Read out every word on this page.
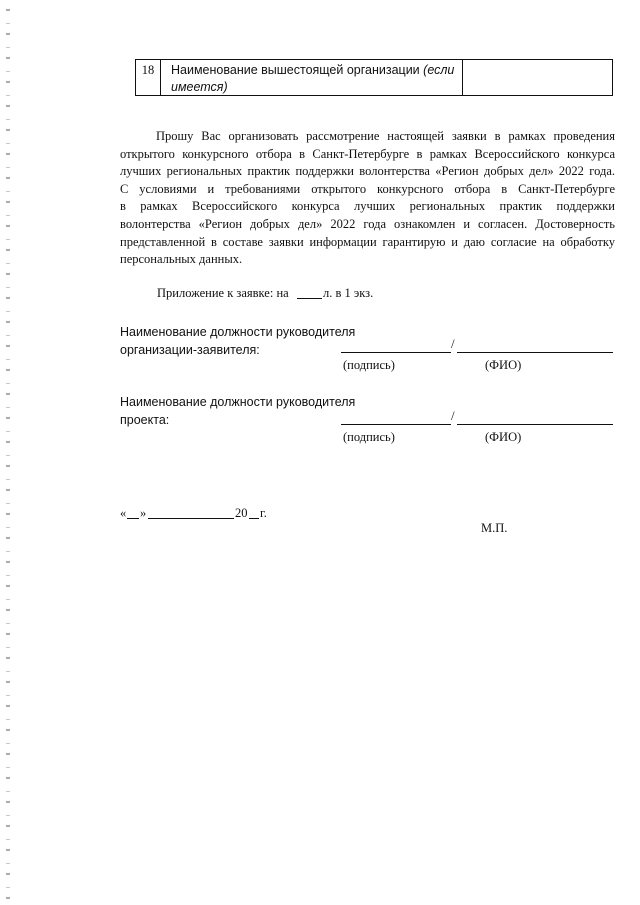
18	Наименование вышестоящей организации (если имеется)
Прошу Вас организовать рассмотрение настоящей заявки в рамках проведения
открытого конкурсного отбора в Санкт-Петербурге в рамках Всероссийского конкурса
лучших региональных практик поддержки волонтерства «Регион добрых дел» 2022 года.
С условиями и требованиями открытого конкурсного отбора в Санкт-Петербурге
в рамках Всероссийского конкурса лучших региональных практик поддержки
волонтерства «Регион добрых дел» 2022 года ознакомлен и согласен. Достоверность
представленной в составе заявки информации гарантирую и даю согласие на обработку
персональных данных.
Приложение к заявке: на	л. в 1 экз.
Наименование должности руководителя
организации-заявителя:	/
(подпись)	(ФИО)
Наименование должности руководителя
проекта:	/
(подпись)	(ФИО)
« »	20 г.
М.П.
